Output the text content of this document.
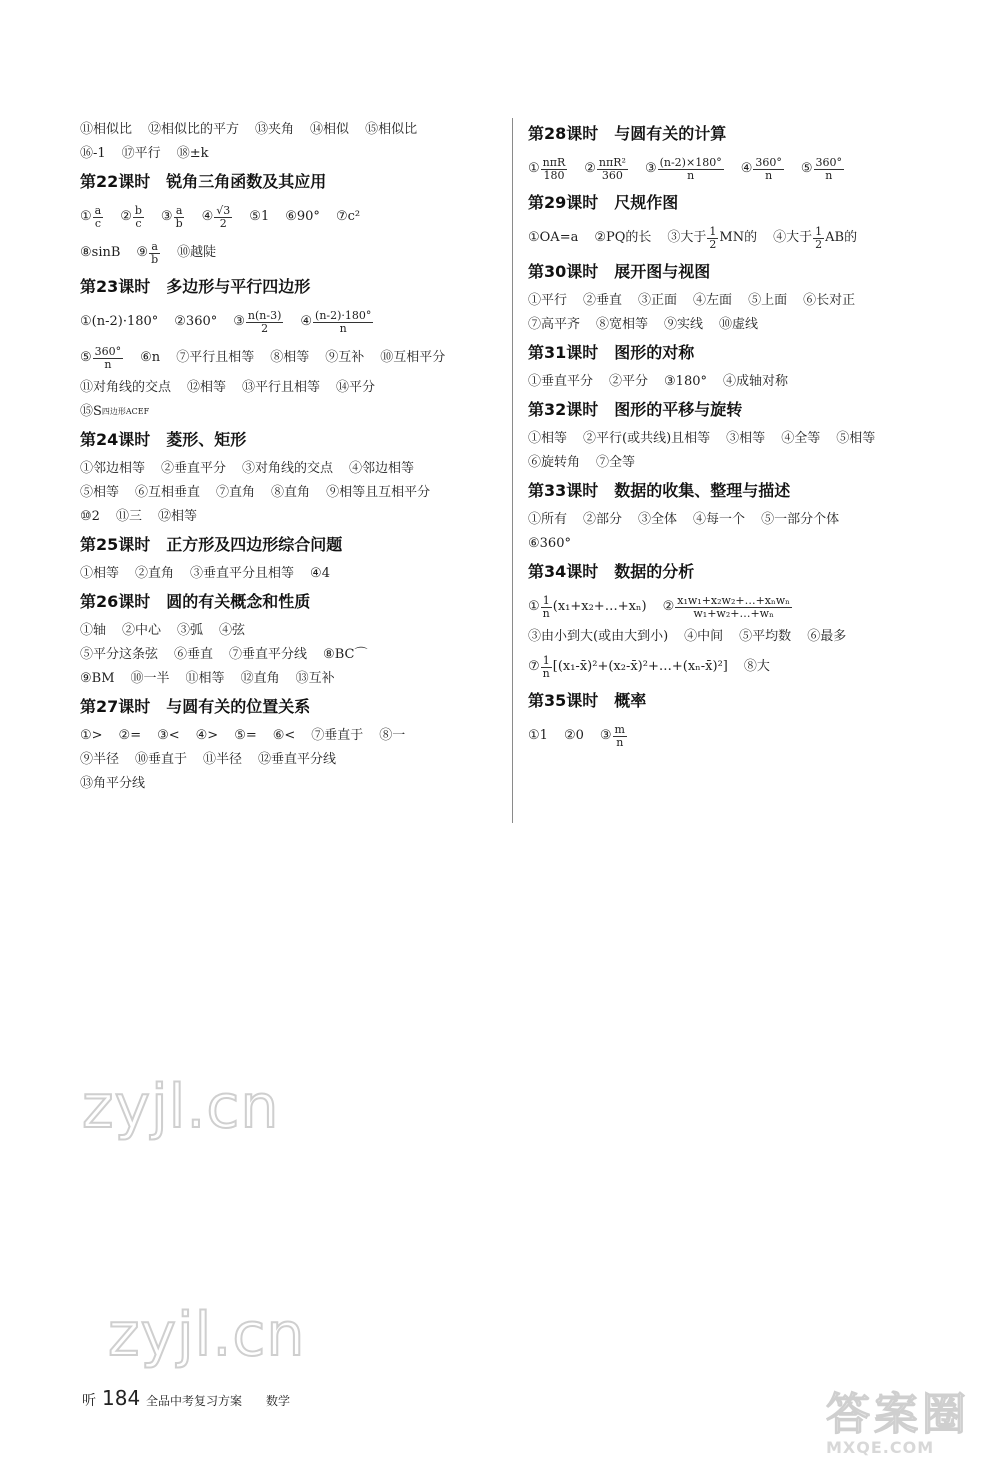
⑪相似比 ⑫相似比的平方 ⑬夹角 ⑭相似 ⑮相似比
⑯-1 ⑰平行 ⑱±k
第22课时 锐角三角函数及其应用
① $\frac{a}{c}$ ② $\frac{b}{c}$ ③ $\frac{a}{b}$ ④ $\frac{√3}{2}$ ⑤1 ⑥90° ⑦c²
⑧sinB ⑨ $\frac{a}{b}$ ⑩越陡
第23课时 多边形与平行四边形
①(n-2)·180° ②360° ③ $\frac{n(n-3)}{2}$ ④ $\frac{(n-2)\cdot 180^\circ}{n}$
⑤ $\frac{360^\circ}{n}$ ⑥n ⑦平行且相等 ⑧相等 ⑨互补 ⑩互相平分
⑪对角线的交点 ⑫相等 ⑬平行且相等 ⑭平分
⑮S 四边形ACEF
第24课时 菱形、矩形
①邻边相等 ②垂直平分 ③对角线的交点 ④邻边相等
⑤相等 ⑥互相垂直 ⑦直角 ⑧直角 ⑨相等且互相平分
⑩2 ⑪三 ⑫相等
第25课时 正方形及四边形综合问题
①相等 ②直角 ③垂直平分且相等 ④4
第26课时 圆的有关概念和性质
①轴 ②中心 ③弧 ④弦
⑤平分这条弦 ⑥垂直 ⑦垂直平分线 ⑧BC⌒
⑨BM ⑩一半 ⑪相等 ⑫直角 ⑬互补
第27课时 与圆有关的位置关系
①> ②= ③< ④> ⑤= ⑥< ⑦垂直于 ⑧一
⑨半径 ⑩垂直于 ⑪半径 ⑫垂直平分线
⑬角平分线
第28课时 与圆有关的计算
① $\frac{\text{nπR}}{180}$ ② $\frac{\text{nπR²}}{360}$ ③ $\frac{(n-2)\times 180^\circ}{n}$ ④ $\frac{360^\circ}{n}$ ⑤ $\frac{360^\circ}{n}$
第29课时 尺规作图
①OA=a ②PQ的长 ③大于 $\frac{1}{2}$ MN的 ④大于 $\frac{1}{2}$ AB的
第30课时 展开图与视图
①平行 ②垂直 ③正面 ④左面 ⑤上面 ⑥长对正
⑦高平齐 ⑧宽相等 ⑨实线 ⑩虚线
第31课时 图形的对称
①垂直平分 ②平分 ③180° ④成轴对称
第32课时 图形的平移与旋转
①相等 ②平行(或共线)且相等 ③相等 ④全等 ⑤相等
⑥旋转角 ⑦全等
第33课时 数据的收集、整理与描述
①所有 ②部分 ③全体 ④每一个 ⑤一部分个体
⑥360°
第34课时 数据的分析
① $\frac{1}{n}$ (x₁+x₂+…+xₙ) ② $\frac{\text{x₁w₁+x₂w₂+…+xₙwₙ}}{\text{w₁+w₂+…+wₙ}}$
③由小到大(或由大到小) ④中间 ⑤平均数 ⑥最多
⑦ $\frac{1}{n}$ [(x₁-x̄)²+(x₂-x̄)²+…+(xₙ-x̄)²] ⑧大
第35课时 概率
①1 ②0 ③ $\frac{m}{n}$
zyjl.cn
zyjl.cn
听 184 全品中考复习方案 数学	答案圈
MXQE.COM
